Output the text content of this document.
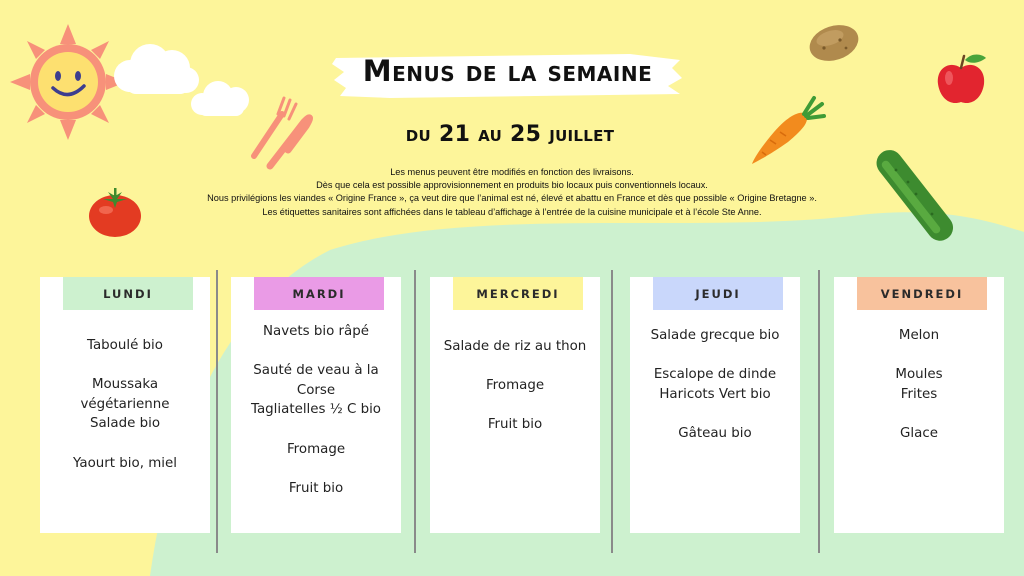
Menus de la semaine
du 21 au 25 juillet
Les menus peuvent être modifiés en fonction des livraisons.
Dès que cela est possible approvisionnement en produits bio locaux puis conventionnels locaux.
Nous privilégions les viandes « Origine France », ça veut dire que l’animal est né, élevé et abattu en France et dès que possible « Origine Bretagne ».
Les étiquettes sanitaires sont affichées dans le tableau d’affichage à l’entrée de la cuisine municipale et à l’école Ste Anne.
LUNDI
Taboulé bio
Moussaka
végétarienne
Salade bio
Yaourt bio, miel
MARDI
Navets bio râpé
Sauté de veau à la
Corse
Tagliatelles ½ C bio
Fromage
Fruit bio
MERCREDI
Salade de riz au thon
Fromage
Fruit bio
JEUDI
Salade grecque bio
Escalope de dinde
Haricots Vert bio
Gâteau bio
VENDREDI
Melon
Moules
Frites
Glace
